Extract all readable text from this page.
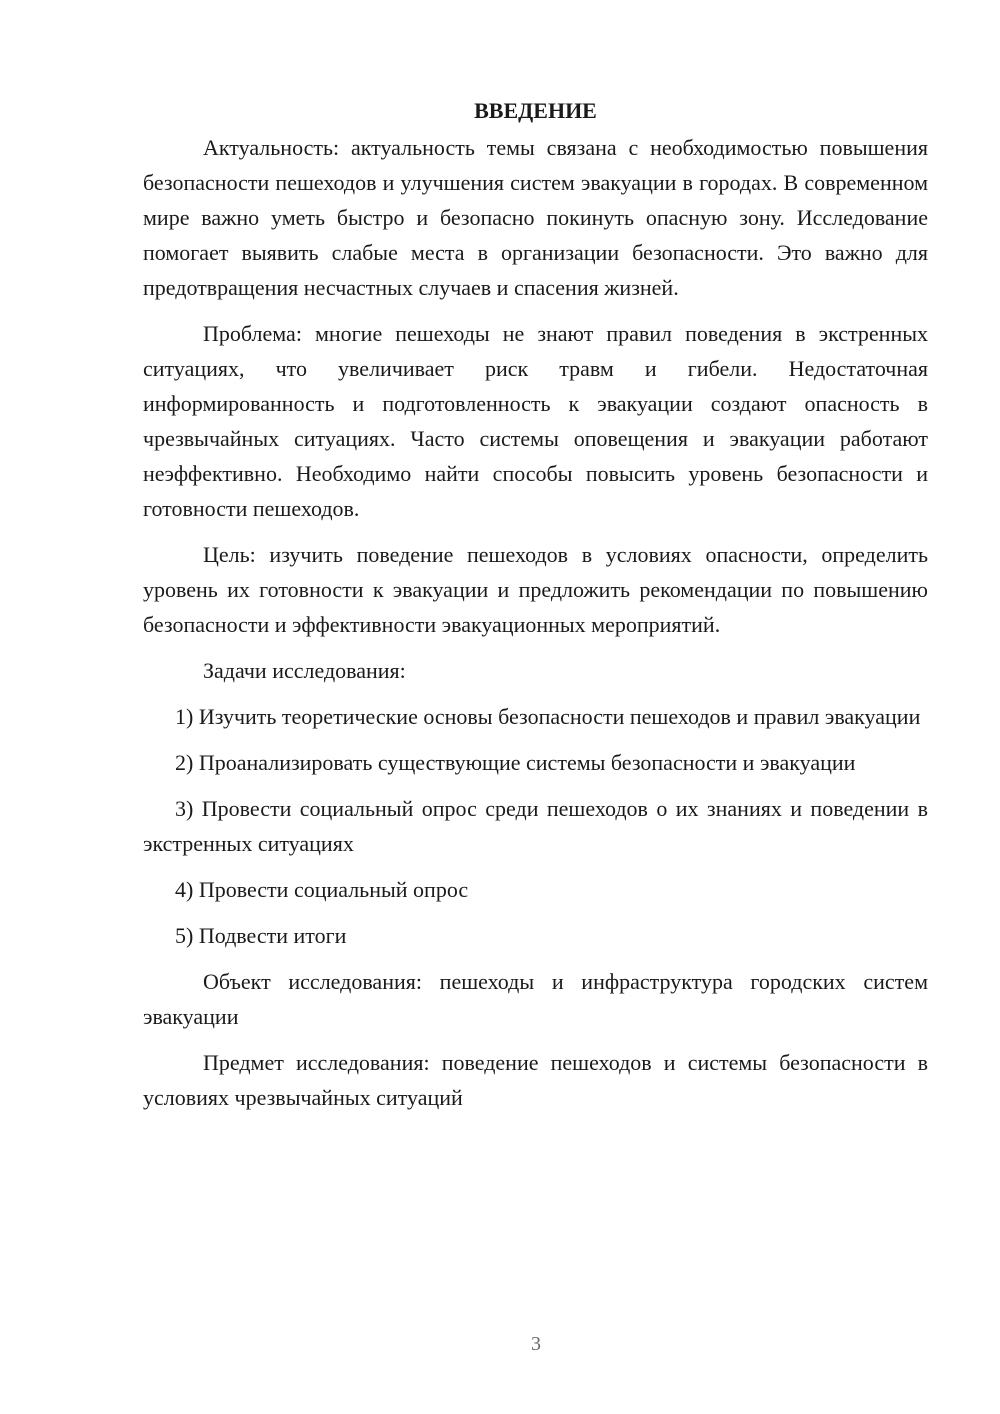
ВВЕДЕНИЕ

Актуальность: актуальность темы связана с необходимостью повышения безопасности пешеходов и улучшения систем эвакуации в городах. В современном мире важно уметь быстро и безопасно покинуть опасную зону. Исследование помогает выявить слабые места в организации безопасности. Это важно для предотвращения несчастных случаев и спасения жизней.

Проблема: многие пешеходы не знают правил поведения в экстренных ситуациях, что увеличивает риск травм и гибели. Недостаточная информированность и подготовленность к эвакуации создают опасность в чрезвычайных ситуациях. Часто системы оповещения и эвакуации работают неэффективно. Необходимо найти способы повысить уровень безопасности и готовности пешеходов.

Цель: изучить поведение пешеходов в условиях опасности, определить уровень их готовности к эвакуации и предложить рекомендации по повышению безопасности и эффективности эвакуационных мероприятий.

Задачи исследования:

1) Изучить теоретические основы безопасности пешеходов и правил эвакуации

2) Проанализировать существующие системы безопасности и эвакуации

3) Провести социальный опрос среди пешеходов о их знаниях и поведении в экстренных ситуациях

4) Провести социальный опрос

5) Подвести итоги

Объект исследования: пешеходы и инфраструктура городских систем эвакуации

Предмет исследования: поведение пешеходов и системы безопасности в условиях чрезвычайных ситуаций

3
